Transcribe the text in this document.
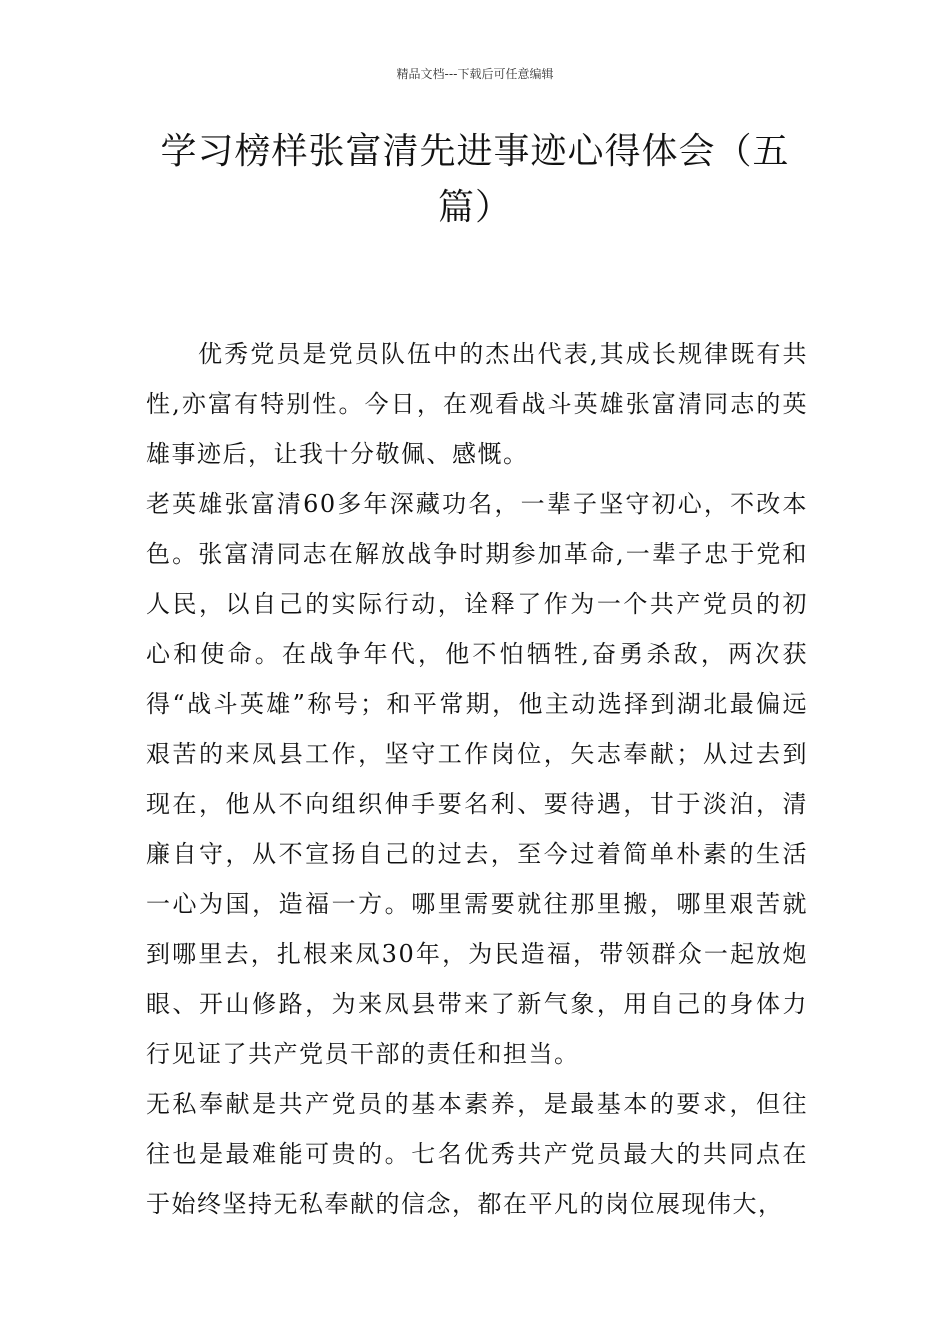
精品文档---下载后可任意编辑
学习榜样张富清先进事迹心得体会（五篇）

优秀党员是党员队伍中的杰出代表,其成长规律既有共性,亦富有特别性。今日，在观看战斗英雄张富清同志的英雄事迹后，让我十分敬佩、感慨。

老英雄张富清60多年深藏功名，一辈子坚守初心，不改本色。张富清同志在解放战争时期参加革命,一辈子忠于党和人民，以自己的实际行动，诠释了作为一个共产党员的初心和使命。在战争年代，他不怕牺牲,奋勇杀敌，两次获得“战斗英雄”称号；和平常期，他主动选择到湖北最偏远艰苦的来凤县工作，坚守工作岗位，矢志奉献；从过去到现在，他从不向组织伸手要名利、要待遇，甘于淡泊，清廉自守，从不宣扬自己的过去，至今过着简单朴素的生活一心为国，造福一方。哪里需要就往那里搬，哪里艰苦就到哪里去，扎根来凤30年，为民造福，带领群众一起放炮眼、开山修路，为来凤县带来了新气象，用自己的身体力行见证了共产党员干部的责任和担当。

无私奉献是共产党员的基本素养，是最基本的要求，但往往也是最难能可贵的。七名优秀共产党员最大的共同点在于始终坚持无私奉献的信念，都在平凡的岗位展现伟大，
